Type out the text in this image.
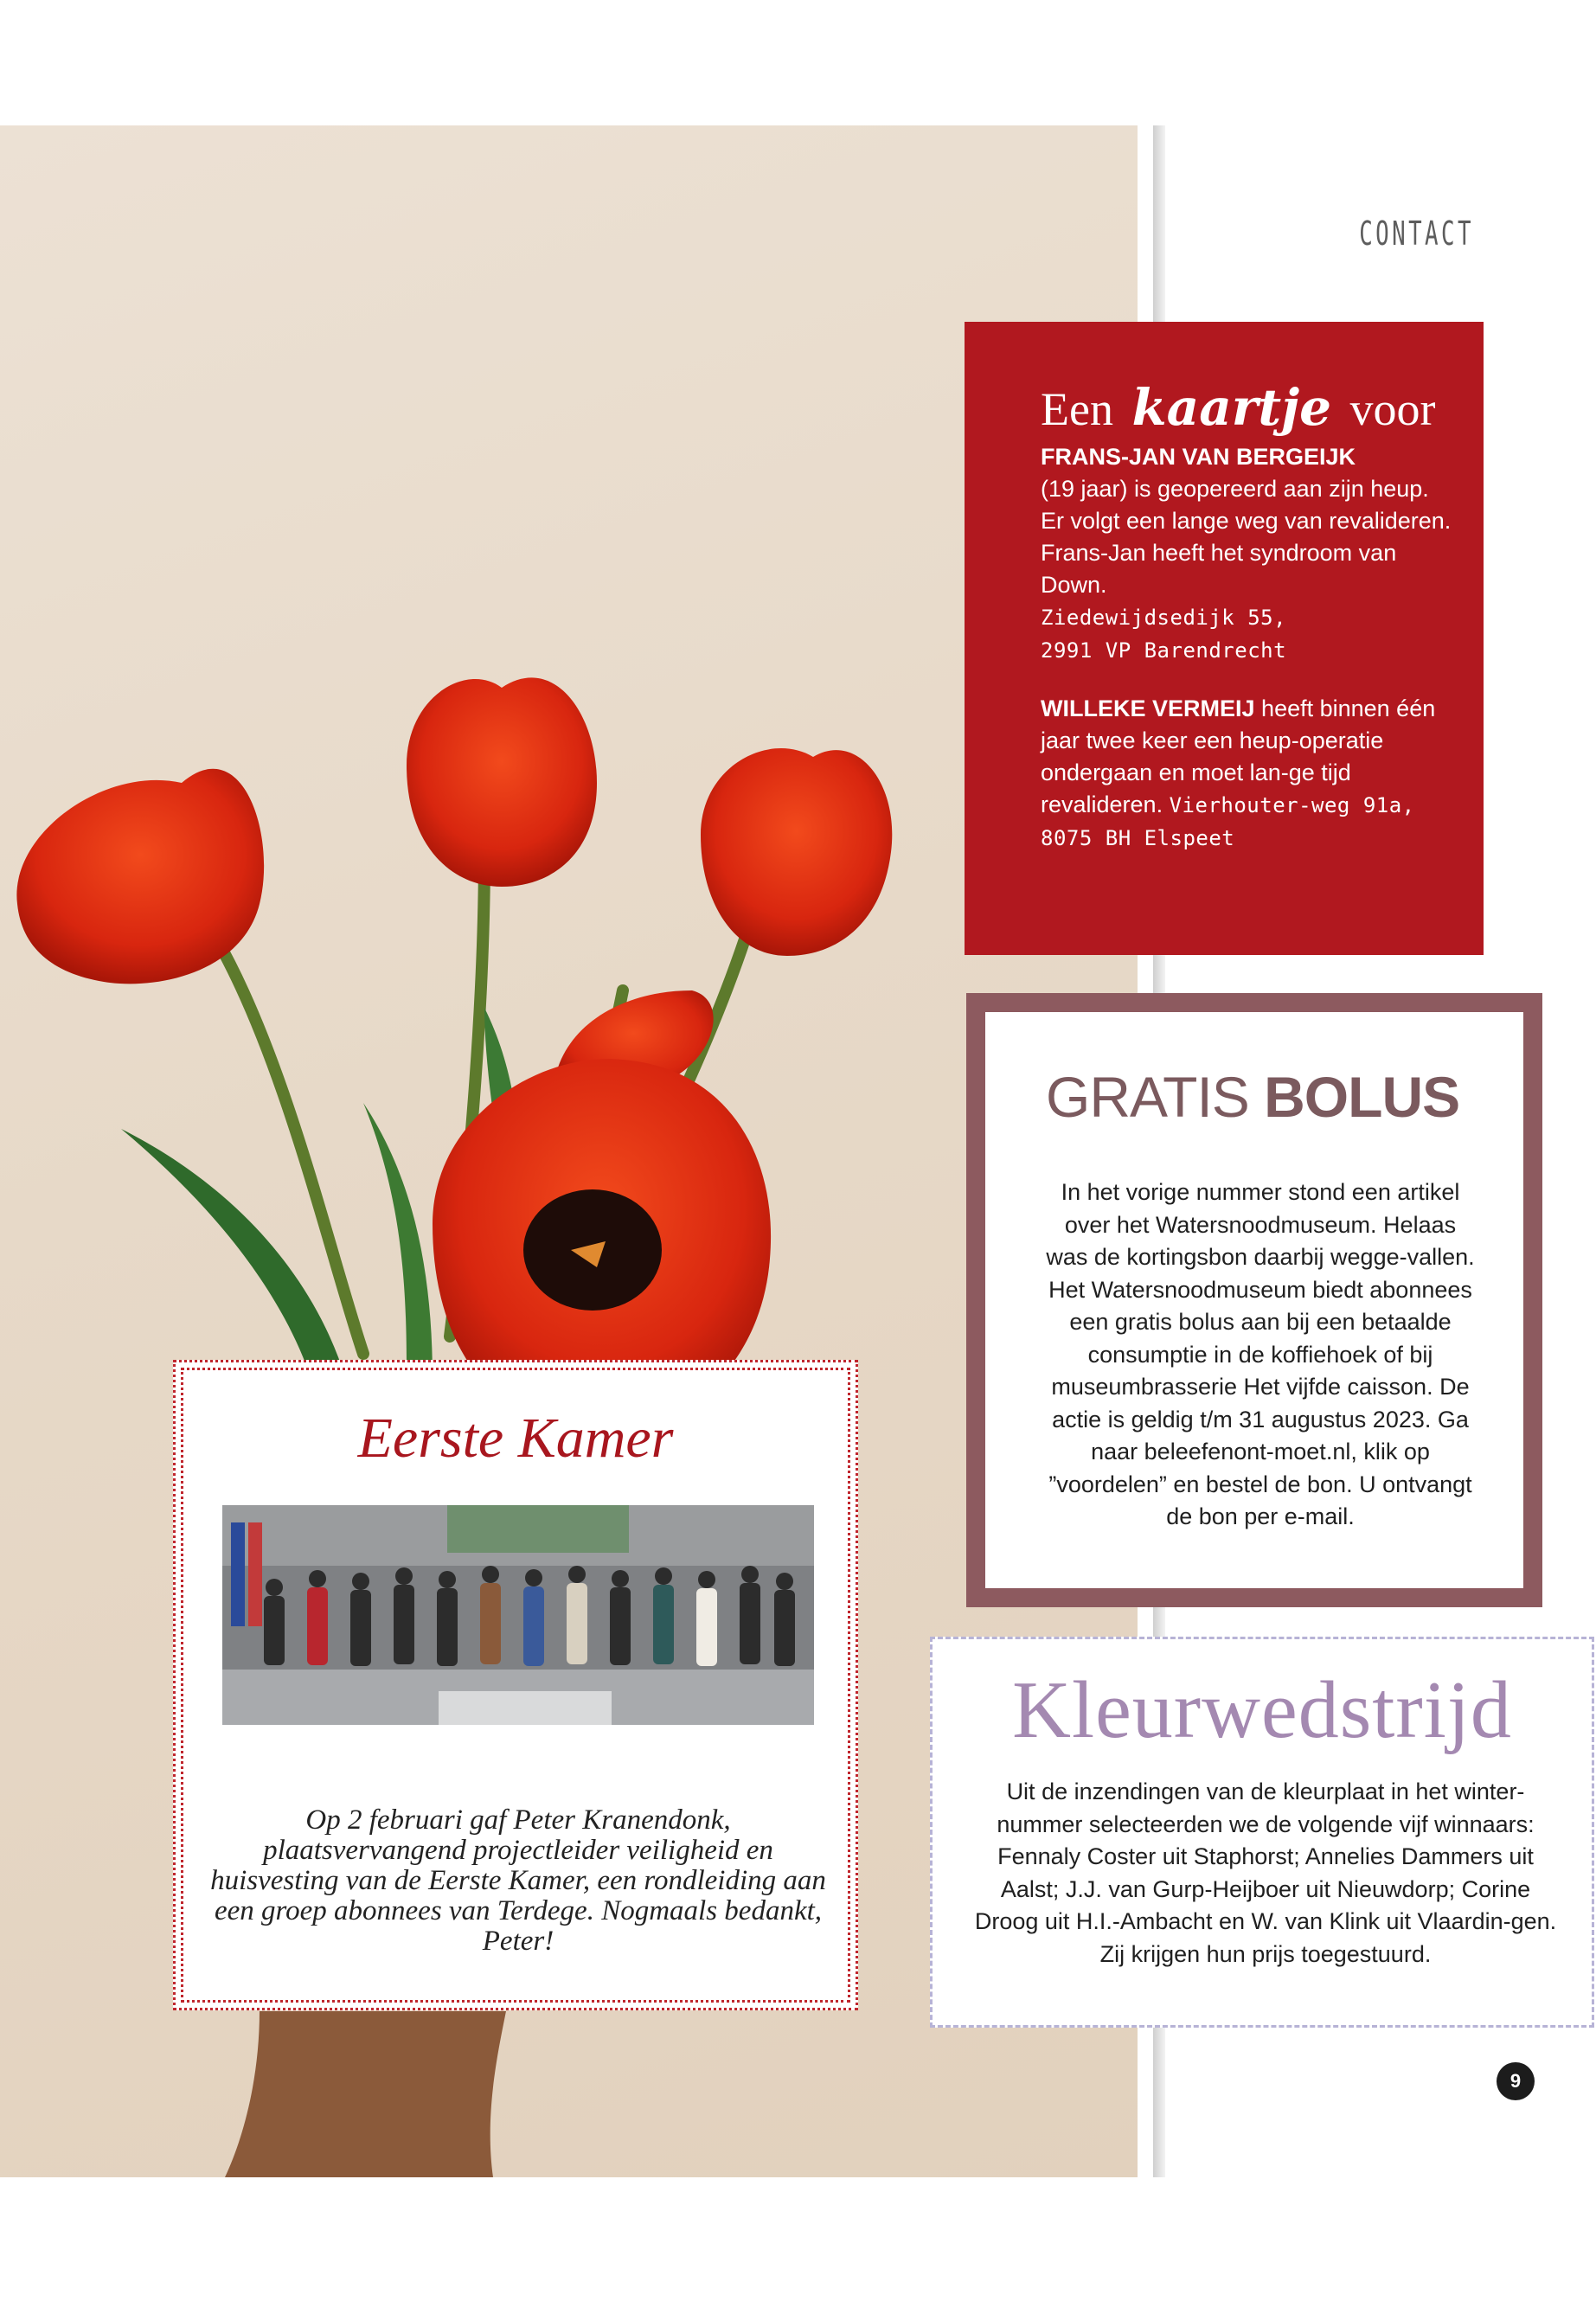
CONTACT
Een kaartje voor
FRANS-JAN VAN BERGEIJK
(19 jaar) is geopereerd aan zijn heup. Er volgt een lange weg van revalideren. Frans-Jan heeft het syndroom van Down.
Ziedewijdsedijk 55,
2991 VP Barendrecht
WILLEKE VERMEIJ heeft binnen één jaar twee keer een heup-operatie ondergaan en moet lan-ge tijd revalideren. Vierhouter-weg 91a, 8075 BH Elspeet
GRATIS BOLUS
In het vorige nummer stond een artikel over het Watersnoodmuseum. Helaas was de kortingsbon daarbij wegge-vallen. Het Watersnoodmuseum biedt abonnees een gratis bolus aan bij een betaalde consumptie in de koffiehoek of bij museumbrasserie Het vijfde caisson. De actie is geldig t/m 31 augustus 2023. Ga naar beleefenont-moet.nl, klik op ”voordelen” en bestel de bon. U ontvangt de bon per e-mail.
Eerste Kamer
Op 2 februari gaf Peter Kranendonk, plaatsvervangend projectleider veiligheid en huisvesting van de Eerste Kamer, een rondleiding aan een groep abonnees van Terdege. Nogmaals bedankt, Peter!
Kleurwedstrijd
Uit de inzendingen van de kleurplaat in het winter-nummer selecteerden we de volgende vijf winnaars: Fennaly Coster uit Staphorst; Annelies Dammers uit Aalst; J.J. van Gurp-Heijboer uit Nieuwdorp; Corine Droog uit H.I.-Ambacht en W. van Klink uit Vlaardin-gen. Zij krijgen hun prijs toegestuurd.
9
